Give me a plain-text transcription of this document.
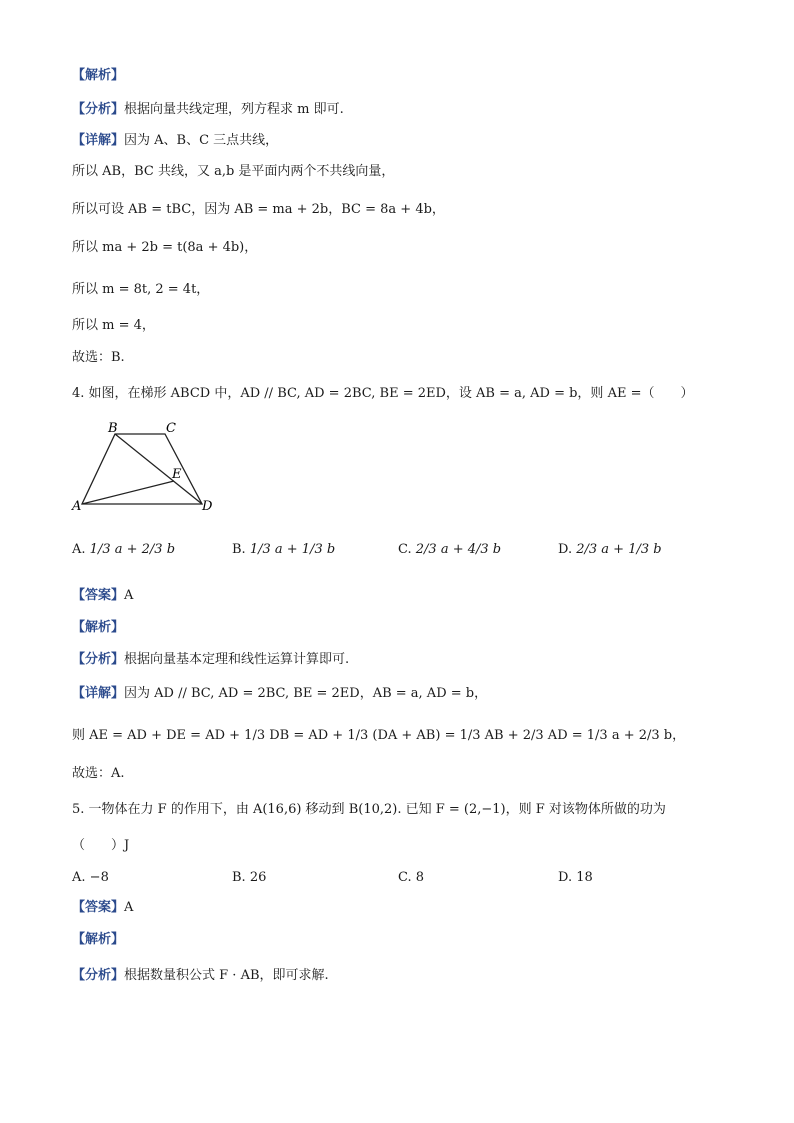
【解析】
【分析】根据向量共线定理，列方程求 m 即可.
【详解】因为 A、B、C 三点共线，
所以 AB，BC 共线，又 a,b 是平面内两个不共线向量，
所以可设 AB = tBC，因为 AB = ma + 2b，BC = 8a + 4b，
所以 ma + 2b = t(8a + 4b)，
所以 m = 8t, 2 = 4t，
所以 m = 4，
故选：B.
4. 如图，在梯形 ABCD 中，AD // BC, AD = 2BC, BE = 2ED，设 AB = a, AD = b，则 AE =（　　）
B	C
E
A	D
A. 1/3 a + 2/3 b	B. 1/3 a + 1/3 b	C. 2/3 a + 4/3 b	D. 2/3 a + 1/3 b
【答案】A
【解析】
【分析】根据向量基本定理和线性运算计算即可.
【详解】因为 AD // BC, AD = 2BC, BE = 2ED，AB = a, AD = b，
则 AE = AD + DE = AD + 1/3 DB = AD + 1/3 (DA + AB) = 1/3 AB + 2/3 AD = 1/3 a + 2/3 b，
故选：A.
5. 一物体在力 F 的作用下，由 A(16,6) 移动到 B(10,2). 已知 F = (2,−1)，则 F 对该物体所做的功为
（　　）J
A. −8	B. 26	C. 8	D. 18
【答案】A
【解析】
【分析】根据数量积公式 F · AB，即可求解.
